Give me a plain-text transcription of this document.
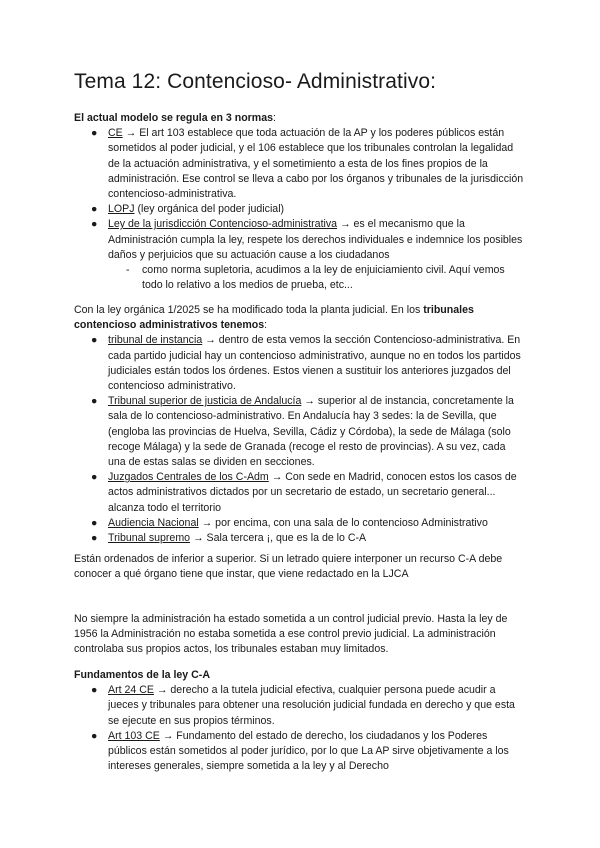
Tema 12: Contencioso- Administrativo:

El actual modelo se regula en 3 normas:

● CE → El art 103 establece que toda actuación de la AP y los poderes públicos están sometidos al poder judicial, y el 106 establece que los tribunales controlan la legalidad de la actuación administrativa, y el sometimiento a esta de los fines propios de la administración. Ese control se lleva a cabo por los órganos y tribunales de la jurisdicción contencioso-administrativa.
● LOPJ (ley orgánica del poder judicial)
● Ley de la jurisdicción Contencioso-administrativa → es el mecanismo que la Administración cumpla la ley, respete los derechos individuales e indemnice los posibles daños y perjuicios que su actuación cause a los ciudadanos
- como norma supletoria, acudimos a la ley de enjuiciamiento civil. Aquí vemos todo lo relativo a los medios de prueba, etc...

Con la ley orgánica 1/2025 se ha modificado toda la planta judicial. En los tribunales contencioso administrativos tenemos:

● tribunal de instancia → dentro de esta vemos la sección Contencioso-administrativa. En cada partido judicial hay un contencioso administrativo, aunque no en todos los partidos judiciales están todos los órdenes. Estos vienen a sustituir los anteriores juzgados del contencioso administrativo.
● Tribunal superior de justicia de Andalucía → superior al de instancia, concretamente la sala de lo contencioso-administrativo. En Andalucía hay 3 sedes: la de Sevilla, que (engloba las provincias de Huelva, Sevilla, Cádiz y Córdoba), la sede de Málaga (solo recoge Málaga) y la sede de Granada (recoge el resto de provincias). A su vez, cada una de estas salas se dividen en secciones.
● Juzgados Centrales de los C-Adm → Con sede en Madrid, conocen estos los casos de actos administrativos dictados por un secretario de estado, un secretario general... alcanza todo el territorio
● Audiencia Nacional → por encima, con una sala de lo contencioso Administrativo
● Tribunal supremo → Sala tercera ¡, que es la de lo C-A

Están ordenados de inferior a superior. Si un letrado quiere interponer un recurso C-A debe conocer a qué órgano tiene que instar, que viene redactado en la LJCA

No siempre la administración ha estado sometida a un control judicial previo. Hasta la ley de 1956 la Administración no estaba sometida a ese control previo judicial. La administración controlaba sus propios actos, los tribunales estaban muy limitados.

Fundamentos de la ley C-A

● Art 24 CE → derecho a la tutela judicial efectiva, cualquier persona puede acudir a jueces y tribunales para obtener una resolución judicial fundada en derecho y que esta se ejecute en sus propios términos.
● Art 103 CE → Fundamento del estado de derecho, los ciudadanos y los Poderes públicos están sometidos al poder jurídico, por lo que La AP sirve objetivamente a los intereses generales, siempre sometida a la ley y al Derecho
